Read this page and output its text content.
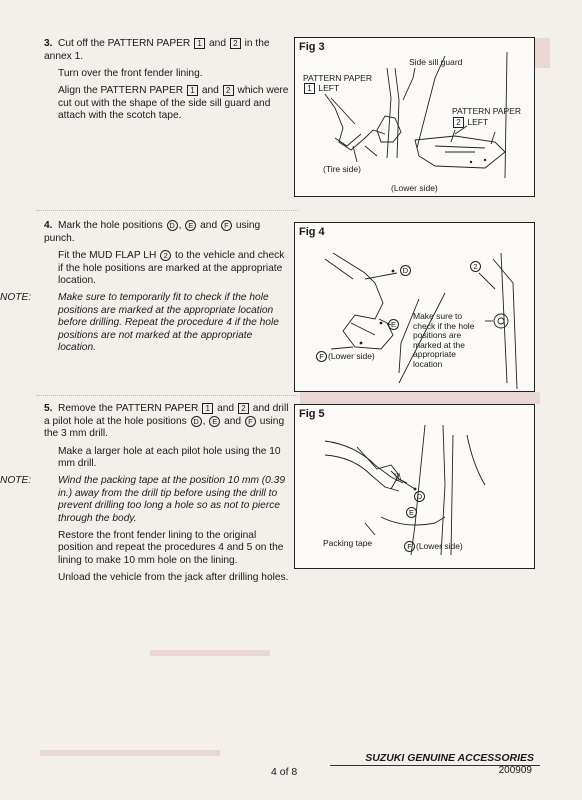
3. Cut off the PATTERN PAPER 1 and 2 in the annex 1.

Turn over the front fender lining.

Align the PATTERN PAPER 1 and 2 which were cut out with the shape of the side sill guard and attach with the scotch tape.

Fig 3
Side sill guard
PATTERN PAPER
1 LEFT
PATTERN PAPER
2 LEFT
(Tire side)
(Lower side)

4. Mark the hole positions D , E and F using punch.

Fit the MUD FLAP LH 2 to the vehicle and check if the hole positions are marked at the appropriate location.

NOTE:	Make sure to temporarily fit to check if the hole positions are marked at the appropriate location before drilling. Repeat the procedure 4 if the hole positions are not marked at the appropriate location.

Fig 4
D
E
F (Lower side)
2
Make sure to check if the hole positions are marked at the appropriate location

5. Remove the PATTERN PAPER 1 and 2 and drill a pilot hole at the hole positions D , E and F using the 3 mm drill.

Make a larger hole at each pilot hole using the 10 mm drill.

NOTE:	Wind the packing tape at the position 10 mm (0.39 in.) away from the drill tip before using the drill to prevent drilling too long a hole so as not to pierce through the body.

Restore the front fender lining to the original position and repeat the procedures 4 and 5 on the lining to make 10 mm hole on the lining.

Unload the vehicle from the jack after drilling holes.

Fig 5
D
E
Packing tape	F (Lower side)
4 of 8
SUZUKI GENUINE ACCESSORIES
200909
